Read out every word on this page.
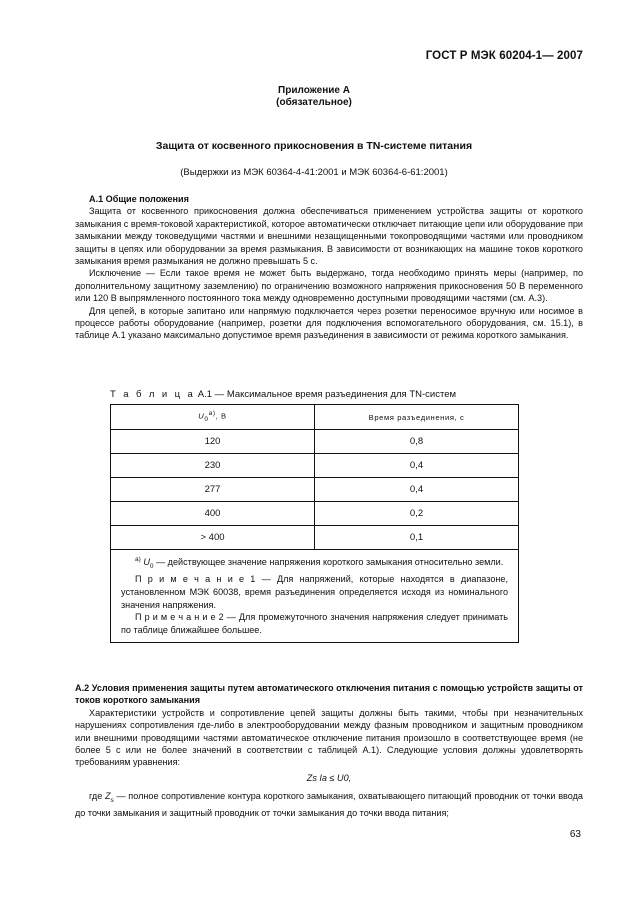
ГОСТ Р МЭК 60204-1— 2007
Приложение А
(обязательное)
Защита от косвенного прикосновения в TN-системе питания
(Выдержки из МЭК 60364-4-41:2001 и МЭК 60364-6-61:2001)
А.1 Общие положения

Защита от косвенного прикосновения должна обеспечиваться применением устройства защиты от короткого замыкания с время-токовой характеристикой, которое автоматически отключает питающие цепи или оборудование при замыкании между токоведущими частями и внешними незащищенными токопроводящими частями или проводником защиты в цепях или оборудовании за время размыкания. В зависимости от возникающих на машине токов короткого замыкания время размыкания не должно превышать 5 с.

Исключение — Если такое время не может быть выдержано, тогда необходимо принять меры (например, по дополнительному защитному заземлению) по ограничению возможного напряжения прикосновения 50 В переменного или 120 В выпрямленного постоянного тока между одновременно доступными проводящими частями (см. А.3).

Для цепей, в которые запитано или напрямую подключается через розетки переносимое вручную или носимое в процессе работы оборудование (например, розетки для подключения вспомогательного оборудования, см. 15.1), в таблице А.1 указано максимально допустимое время разъединения в зависимости от режима короткого замыкания.

Т а б л и ц а А.1 — Максимальное время разъединения для TN-систем
$U_0^{a)}$, В	Время разъединения, с
120	0,8
230	0,4
277	0,4
400	0,2
> 400	0,1

$^{a)}$ $U_0$ — действующее значение напряжения короткого замыкания относительно земли.

П р и м е ч а н и е 1 — Для напряжений, которые находятся в диапазоне, установленном МЭК 60038, время разъединения определяется исходя из номинального значения напряжения.

П р и м е ч а н и е 2 — Для промежуточного значения напряжения следует принимать по таблице ближайшее большее.	

А.2 Условия применения защиты путем автоматического отключения питания с помощью устройств защиты от токов короткого замыкания

Характеристики устройств и сопротивление цепей защиты должны быть такими, чтобы при незначительных нарушениях сопротивления где-либо в электрооборудовании между фазным проводником и защитным проводником или внешними проводящими частями автоматическое отключение питания произошло в соответствующее время (не более 5 с или не более значений в соответствии с таблицей А.1). Следующие условия должны удовлетворять требованиям уравнения:

Zs Ia ≤ U0,

где $Z_s$ — полное сопротивление контура короткого замыкания, охватывающего питающий проводник от точки ввода до точки замыкания и защитный проводник от точки замыкания до точки ввода питания;

63
